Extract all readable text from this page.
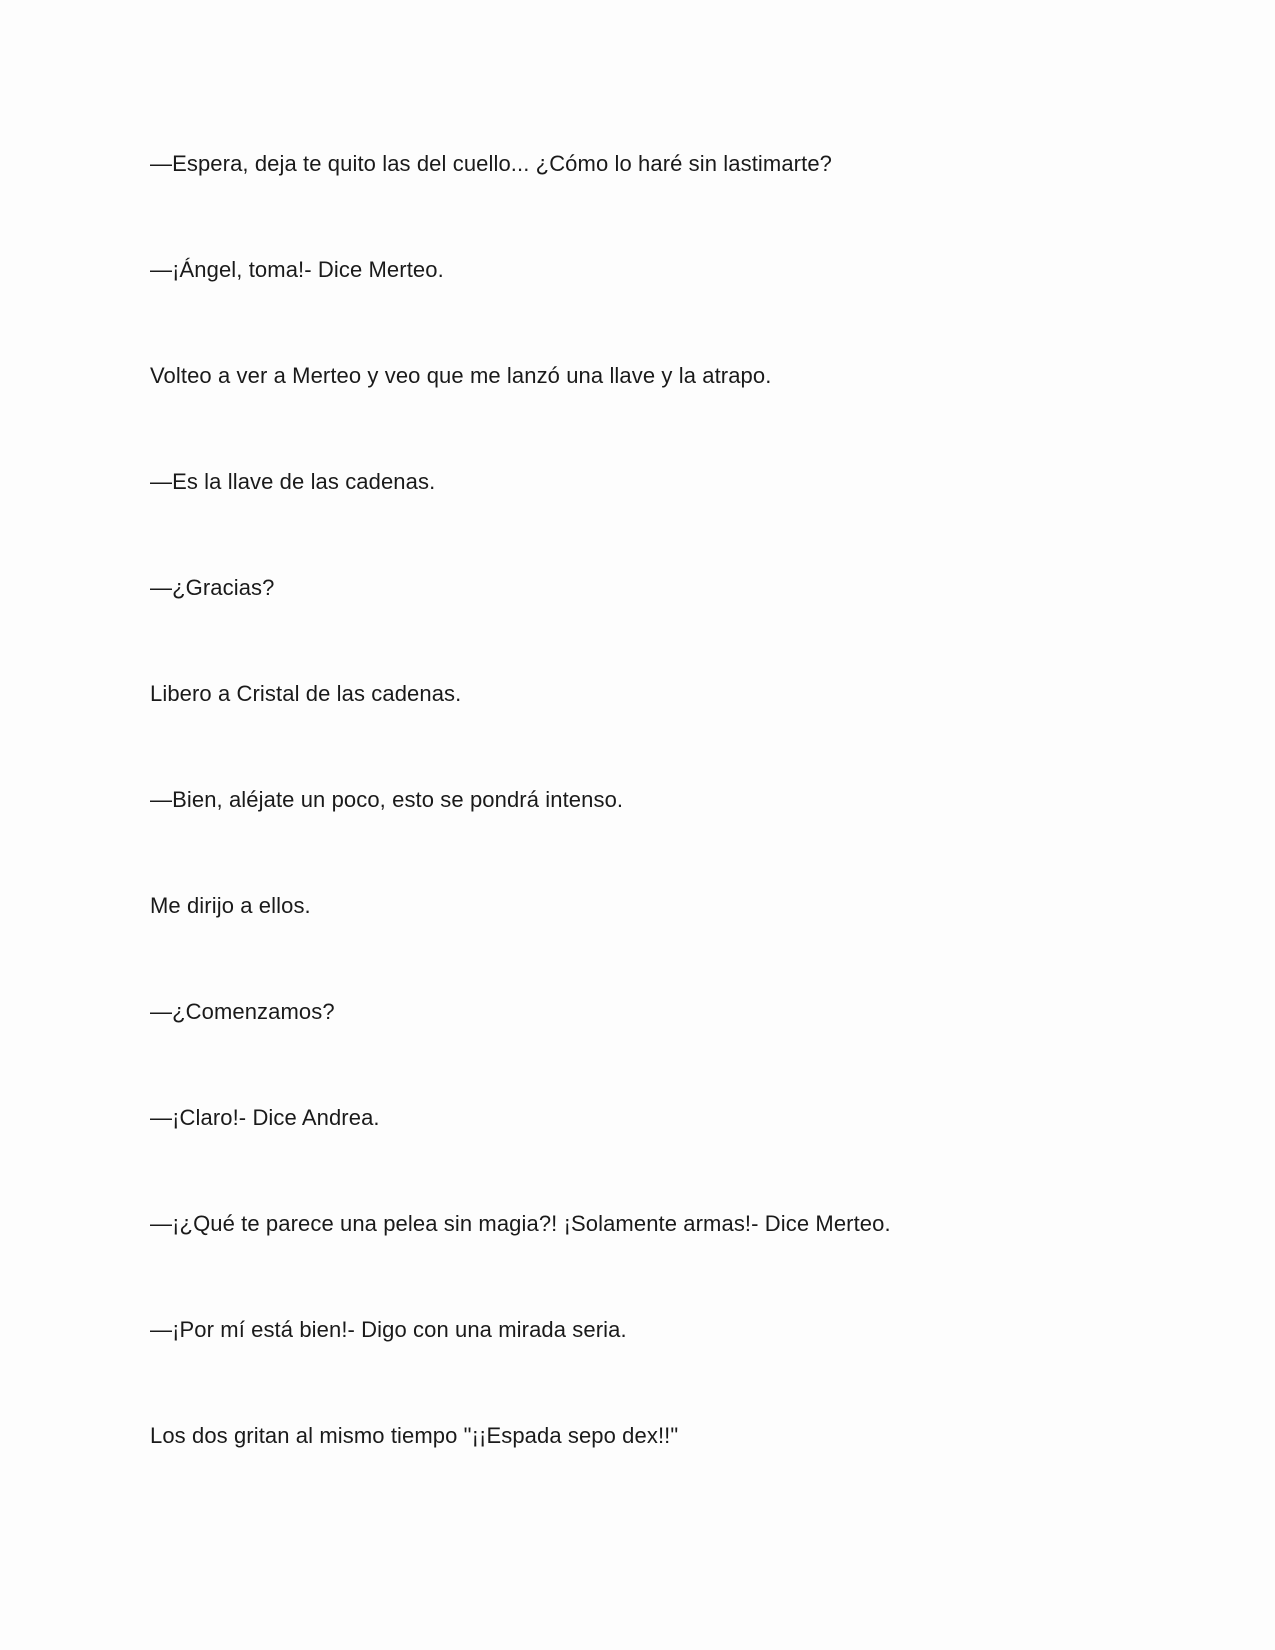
—Espera, deja te quito las del cuello... ¿Cómo lo haré sin lastimarte?

—¡Ángel, toma!- Dice Merteo.

Volteo a ver a Merteo y veo que me lanzó una llave y la atrapo.

—Es la llave de las cadenas.

—¿Gracias?

Libero a Cristal de las cadenas.

—Bien, aléjate un poco, esto se pondrá intenso.

Me dirijo a ellos.

—¿Comenzamos?

—¡Claro!- Dice Andrea.

—¡¿Qué te parece una pelea sin magia?! ¡Solamente armas!- Dice Merteo.

—¡Por mí está bien!- Digo con una mirada seria.

Los dos gritan al mismo tiempo "¡¡Espada sepo dex!!"
